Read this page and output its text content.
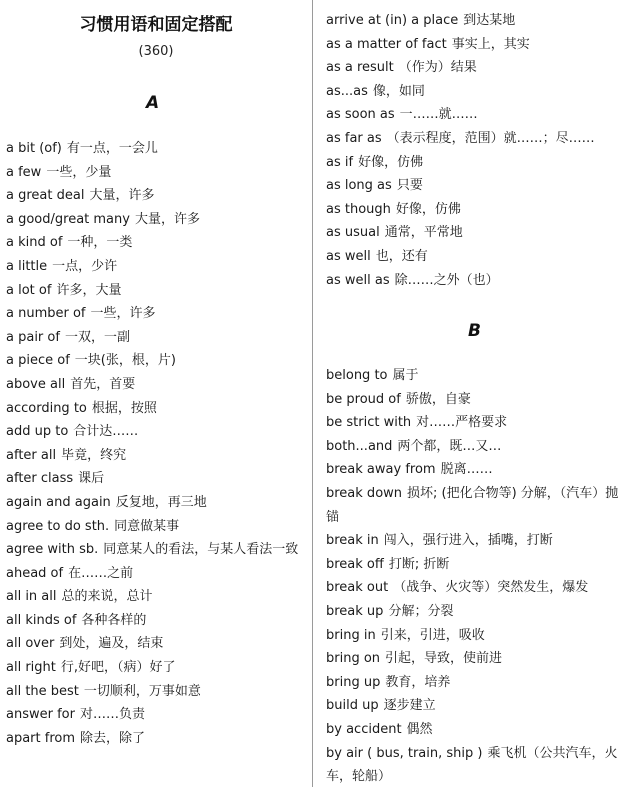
习惯用语和固定搭配
(360)
A
a bit (of) 有一点，一会儿
a few 一些，少量
a great deal 大量，许多
a good/great many 大量，许多
a kind of 一种，一类
a little 一点，少许
a lot of 许多，大量
a number of 一些，许多
a pair of 一双，一副
a piece of 一块(张，根，片)
above all 首先，首要
according to 根据，按照
add up to 合计达……
after all 毕竟，终究
after class 课后
again and again 反复地，再三地
agree to do sth. 同意做某事
agree with sb. 同意某人的看法，与某人看法一致
ahead of 在……之前
all in all 总的来说，总计
all kinds of 各种各样的
all over 到处，遍及，结束
all right 行,好吧，（病）好了
all the best 一切顺利，万事如意
answer for 对……负责
apart from 除去，除了
arrive at (in) a place 到达某地
as a matter of fact 事实上，其实
as a result （作为）结果
as...as 像，如同
as soon as 一……就……
as far as （表示程度，范围）就……；尽……
as if 好像，仿佛
as long as 只要
as though 好像，仿佛
as usual 通常，平常地
as well 也，还有
as well as 除……之外（也）
B
belong to 属于
be proud of 骄傲，自豪
be strict with 对……严格要求
both...and 两个都，既…又…
break away from 脱离……
break down 损坏; (把化合物等) 分解，（汽车）抛锚
break in 闯入，强行进入，插嘴，打断
break off 打断; 折断
break out （战争、火灾等）突然发生，爆发
break up 分解；分裂
bring in 引来，引进，吸收
bring on 引起，导致，使前进
bring up 教育，培养
build up 逐步建立
by accident 偶然
by air ( bus, train, ship ) 乘飞机（公共汽车，火车，轮船）
